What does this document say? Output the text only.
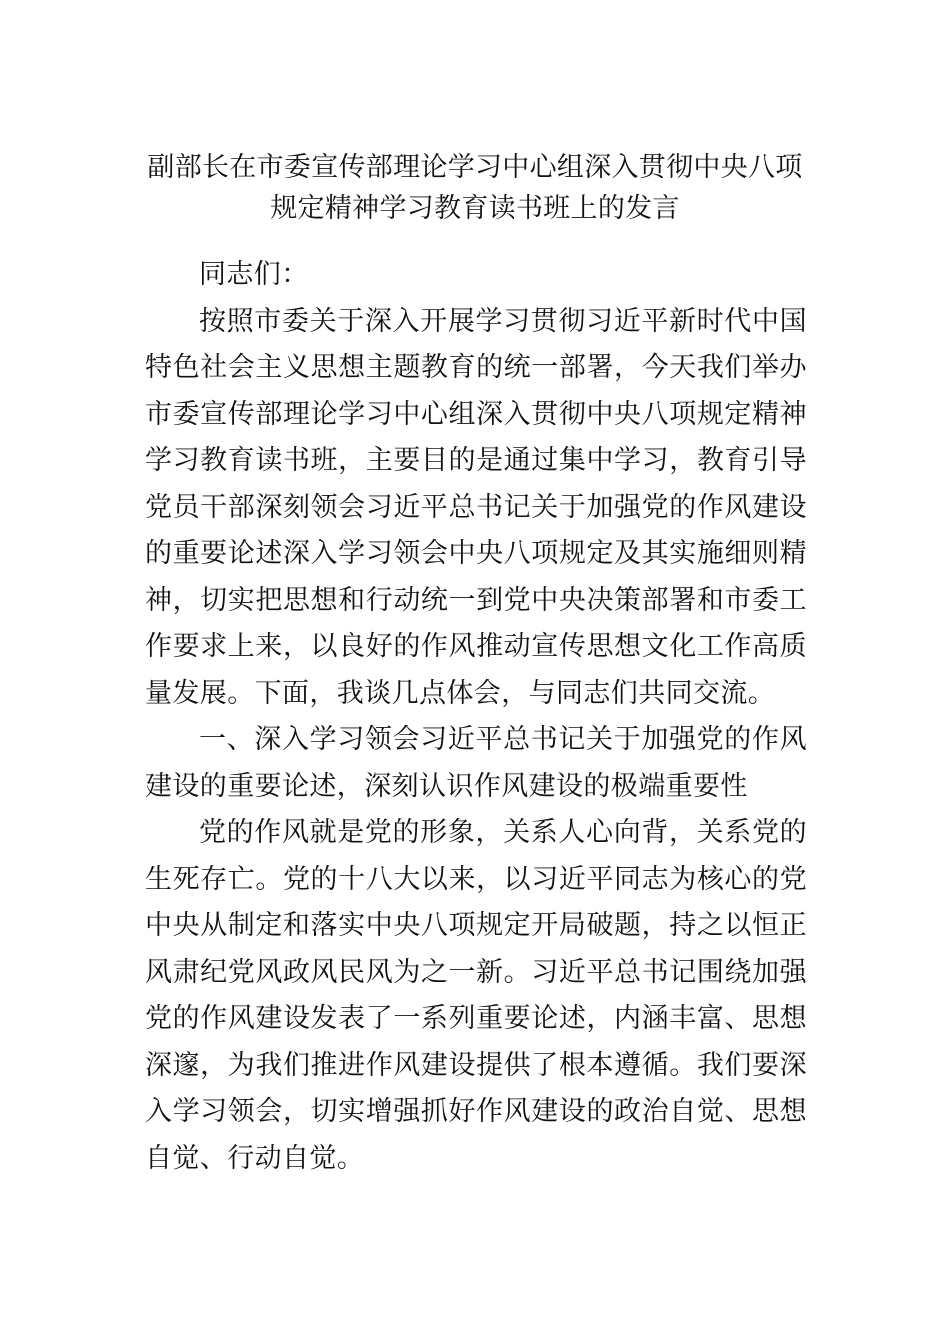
副部长在市委宣传部理论学习中心组深入贯彻中央八项规定精神学习教育读书班上的发言

同志们：

按照市委关于深入开展学习贯彻习近平新时代中国特色社会主义思想主题教育的统一部署，今天我们举办市委宣传部理论学习中心组深入贯彻中央八项规定精神学习教育读书班，主要目的是通过集中学习，教育引导党员干部深刻领会习近平总书记关于加强党的作风建设的重要论述深入学习领会中央八项规定及其实施细则精神，切实把思想和行动统一到党中央决策部署和市委工作要求上来，以良好的作风推动宣传思想文化工作高质量发展。下面，我谈几点体会，与同志们共同交流。

一、深入学习领会习近平总书记关于加强党的作风建设的重要论述，深刻认识作风建设的极端重要性

党的作风就是党的形象，关系人心向背，关系党的生死存亡。党的十八大以来，以习近平同志为核心的党中央从制定和落实中央八项规定开局破题，持之以恒正风肃纪党风政风民风为之一新。习近平总书记围绕加强党的作风建设发表了一系列重要论述，内涵丰富、思想深邃，为我们推进作风建设提供了根本遵循。我们要深入学习领会，切实增强抓好作风建设的政治自觉、思想自觉、行动自觉。
